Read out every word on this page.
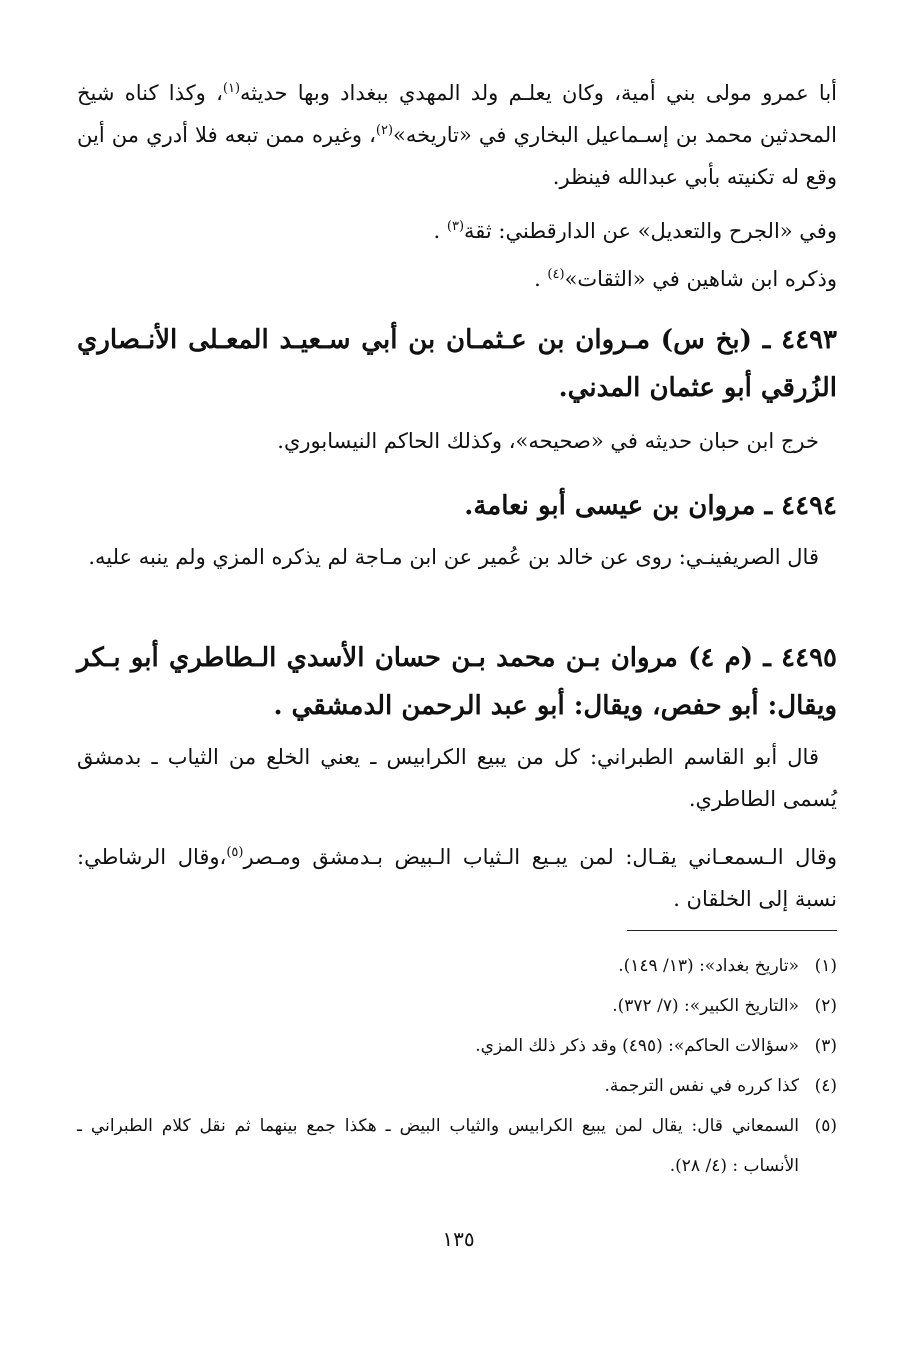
أبا عمرو مولى بني أمية، وكان يعلـم ولد المهدي ببغداد وبها حديثه$^{(١)}$، وكذا كناه شيخ المحدثين محمد بن إسـماعيل البخاري في «تاريخه»$^{(٢)}$، وغيره ممن تبعه فلا أدري من أين وقع له تكنيته بأبي عبدالله فينظر.

وفي «الجرح والتعديل» عن الدارقطني: ثقة$^{(٣)}$ .

وذكره ابن شاهين في «الثقات»$^{(٤)}$ .

٤٤٩٣ ـ (بخ س) مـروان بن عـثمـان بن أبي سـعيـد المعـلى الأنـصاري الزُرقي أبو عثمان المدني.

خرج ابن حبان حديثه في «صحيحه»، وكذلك الحاكم النيسابوري.

٤٤٩٤ ـ مروان بن عيسى أبو نعامة.

قال الصريفينـي: روى عن خالد بن عُمير عن ابن مـاجة لم يذكره المزي ولم ينبه عليه.

٤٤٩٥ ـ (م ٤) مروان بـن محمد بـن حسان الأسدي الـطاطري أبو بـكر ويقال: أبو حفص، ويقال: أبو عبد الرحمن الدمشقي .

قال أبو القاسم الطبراني: كل من يبيع الكرابيس ـ يعني الخلع من الثياب ـ بدمشق يُسمى الطاطري.

وقال الـسمعـاني يقـال: لمن يبـيع الـثياب الـبيض بـدمشق ومـصر$^{(٥)}$،وقال الرشاطي: نسبة إلى الخلقان .

(١)
«تاريخ بغداد»: (١٣/ ١٤٩).
(٢)
«التاريخ الكبير»: (٧/ ٣٧٢).
(٣)
«سؤالات الحاكم»: (٤٩٥) وقد ذكر ذلك المزي.
(٤)
كذا كرره في نفس الترجمة.
(٥)
السمعاني قال: يقال لمن يبيع الكرابيس والثياب البيض ـ هكذا جمع بينهما ثم نقل كلام الطبراني ـ الأنساب : (٤/ ٢٨).
١٣٥
